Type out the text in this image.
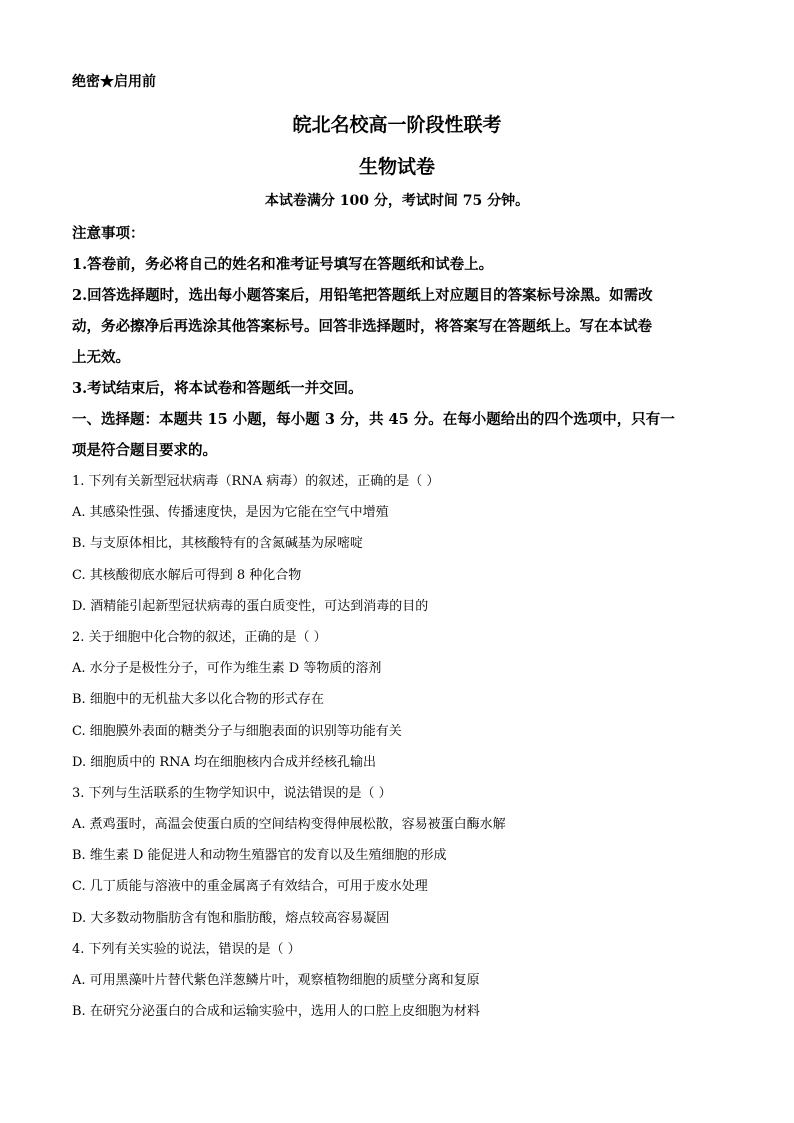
绝密★启用前
皖北名校高一阶段性联考
生物试卷
本试卷满分 100 分，考试时间 75 分钟。
注意事项：
1.答卷前，务必将自己的姓名和准考证号填写在答题纸和试卷上。
2.回答选择题时，选出每小题答案后，用铅笔把答题纸上对应题目的答案标号涂黑。如需改
动，务必擦净后再选涂其他答案标号。回答非选择题时，将答案写在答题纸上。写在本试卷
上无效。
3.考试结束后，将本试卷和答题纸一并交回。
一、选择题：本题共 15 小题，每小题 3 分，共 45 分。在每小题给出的四个选项中，只有一
项是符合题目要求的。
1. 下列有关新型冠状病毒（RNA 病毒）的叙述，正确的是（ ）
A. 其感染性强、传播速度快，是因为它能在空气中增殖
B. 与支原体相比，其核酸特有的含氮碱基为尿嘧啶
C. 其核酸彻底水解后可得到 8 种化合物
D. 酒精能引起新型冠状病毒的蛋白质变性，可达到消毒的目的
2. 关于细胞中化合物的叙述，正确的是（ ）
A. 水分子是极性分子，可作为维生素 D 等物质的溶剂
B. 细胞中的无机盐大多以化合物的形式存在
C. 细胞膜外表面的糖类分子与细胞表面的识别等功能有关
D. 细胞质中的 RNA 均在细胞核内合成并经核孔输出
3. 下列与生活联系的生物学知识中，说法错误的是（ ）
A. 煮鸡蛋时，高温会使蛋白质的空间结构变得伸展松散，容易被蛋白酶水解
B. 维生素 D 能促进人和动物生殖器官的发育以及生殖细胞的形成
C. 几丁质能与溶液中的重金属离子有效结合，可用于废水处理
D. 大多数动物脂肪含有饱和脂肪酸，熔点较高容易凝固
4. 下列有关实验的说法，错误的是（ ）
A. 可用黑藻叶片替代紫色洋葱鳞片叶，观察植物细胞的质壁分离和复原
B. 在研究分泌蛋白的合成和运输实验中，选用人的口腔上皮细胞为材料
